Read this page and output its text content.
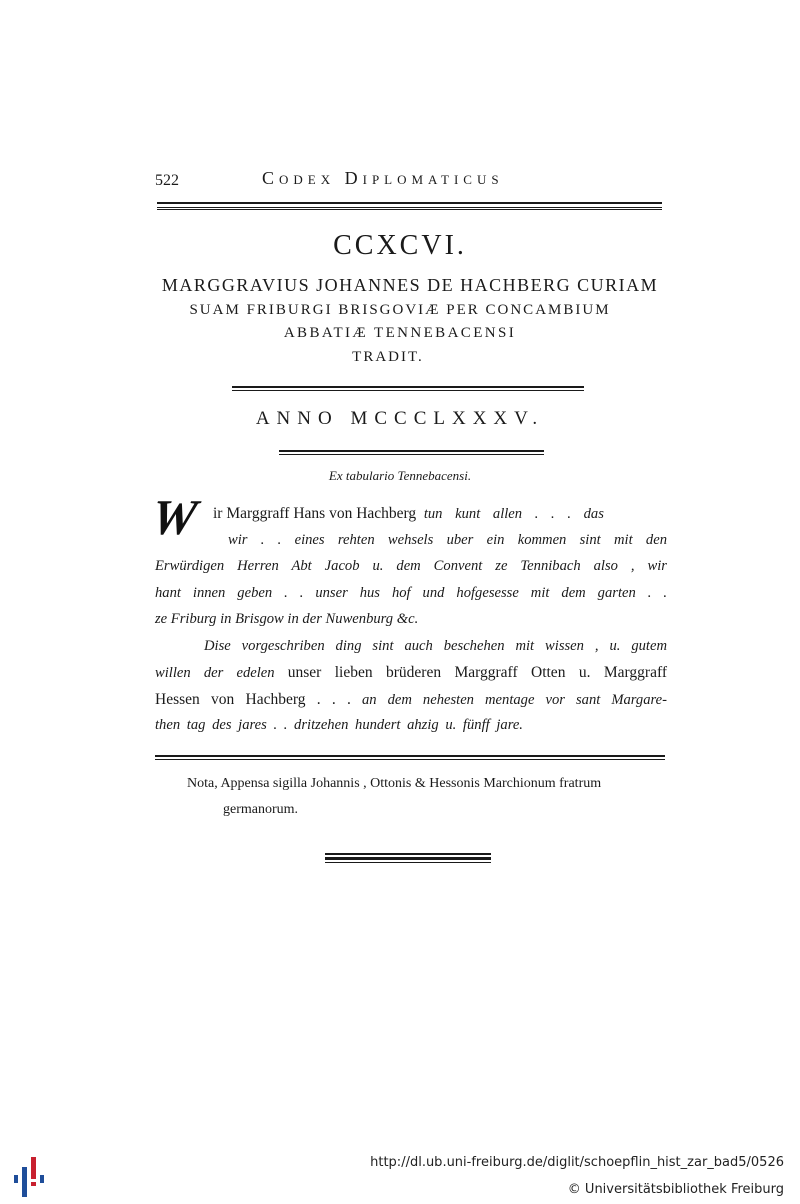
522	Codex Diplomaticus
CCXCVI.
MARGGRAVIUS JOHANNES DE HACHBERG CURIAM
SUAM FRIBURGI BRISGOVIÆ PER CONCAMBIUM
ABBATIÆ TENNEBACENSI
TRADIT.
ANNO MCCCLXXXV.
Ex tabulario Tennebacensi.
W ir Marggraff Hans von Hachberg tun kunt allen . . . das
wir . . eines rehten wehsels uber ein kommen sint mit den
Erwürdigen Herren Abt Jacob u. dem Convent ze Tennibach also , wir
hant innen geben . . unser hus hof und hofgesesse mit dem garten . .
ze Friburg in Brisgow in der Nuwenburg &c.
Dise vorgeschriben ding sint auch beschehen mit wissen , u. gutem
willen der edelen unser lieben brüderen Marggraff Otten u. Marggraff
Hessen von Hachberg . . . an dem nehesten mentage vor sant Margare-
then tag des jares . . dritzehen hundert ahzig u. fünff jare.
Nota, Appensa sigilla Johannis , Ottonis & Hessonis Marchionum fratrum
germanorum.
http://dl.ub.uni-freiburg.de/diglit/schoepflin_hist_zar_bad5/0526
© Universitätsbibliothek Freiburg
